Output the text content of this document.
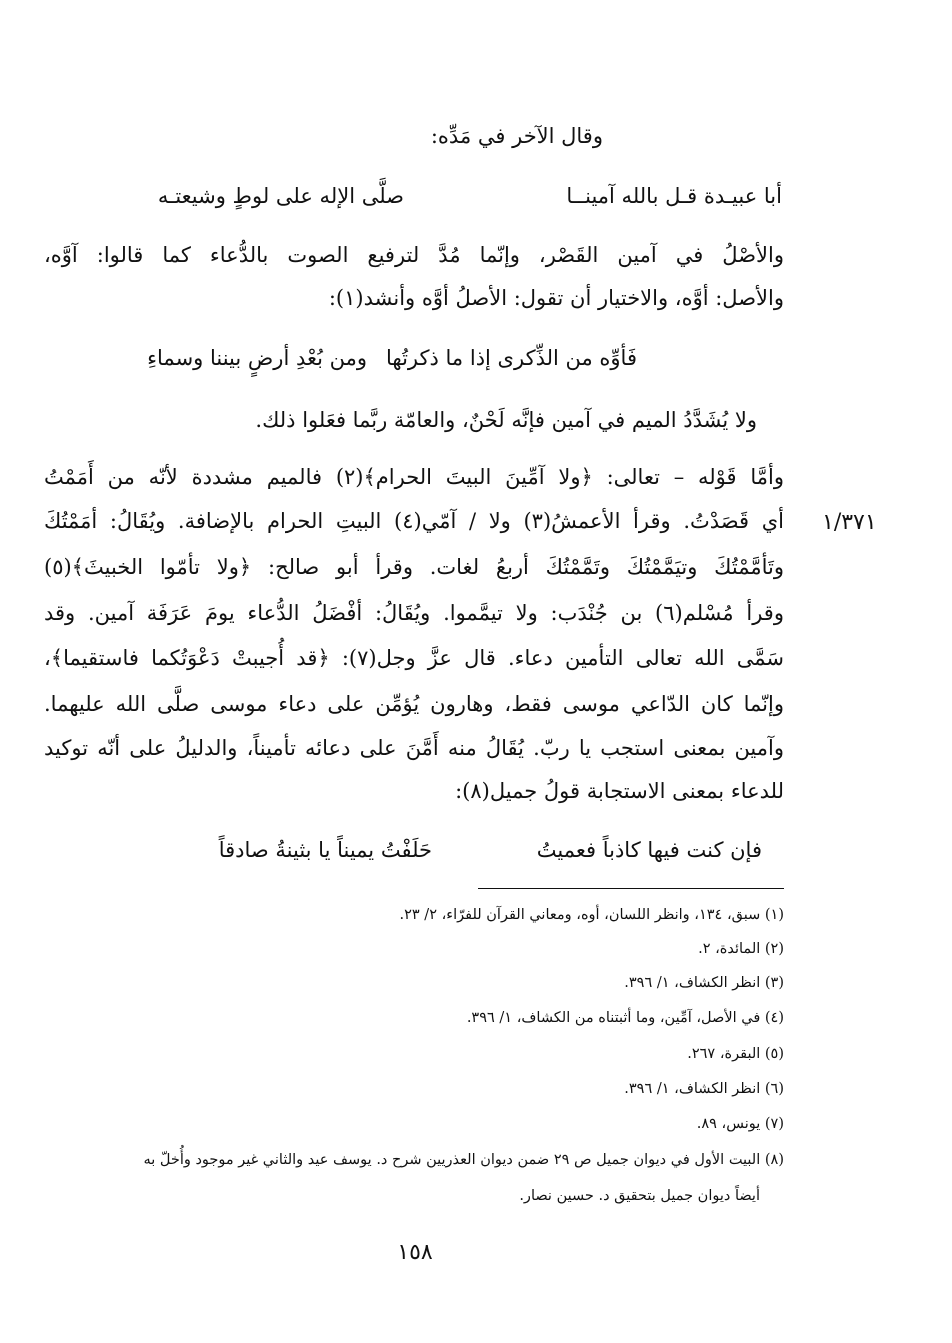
وقال الآخر في مَدِّه:
صلَّى الإله على لوطٍ وشيعتـه	أبا عبيـدة قـل بالله آمينــا
والأصْلُ في آمين القَصْر، وإنّما مُدَّ لترفيع الصوت بالدُّعاء كما قالوا: آوَّه،
والأصل: أوَّه، والاختيار أن تقول: الأصلُ أوَّه وأنشد(١):
فَأوِّه من الذِّكرى إذا ما ذكرتُها
ومن بُعْدِ أرضٍ بيننا وسماءِ
ولا يُشَدَّدُ الميم في آمين فإنَّه لَحْنٌ، والعامّة ربَّما فعَلوا ذلك.
وأمَّا قَوْله – تعالى: ﴿ولا آمِّينَ البيتَ الحرام﴾(٢) فالميم مشددة لأنّه من أَمَمْتُ
أي قَصَدْتُ. وقرأ الأعمشُ(٣) ولا / آمّي(٤) البيتِ الحرام بالإضافة. ويُقَالُ: أمَمْتُكَ
وتَأمَّمْتُكَ وتيَمَّمْتُكَ وتَمَّمْتُكَ أربعُ لغات. وقرأ أبو صالح: ﴿ولا تأمّوا الخبيثَ﴾(٥)
وقرأ مُسْلم(٦) بن جُنْدَب: ولا تيمَّموا. ويُقَالُ: أفْضَلُ الدُّعاء يومَ عَرَفَة آمين. وقد
سَمَّى الله تعالى التأمين دعاء. قال عزَّ وجل(٧): ﴿قد أُجيبتْ دَعْوَتُكما فاستقيما﴾،
وإنّما كان الدّاعي موسى فقط، وهارون يُؤمِّن على دعاء موسى صلَّى الله عليهما.
وآمين بمعنى استجب يا ربّ. يُقَالُ منه أَمَّنَ على دعائه تأميناً، والدليلُ على أنّه توكيد
للدعاء بمعنى الاستجابة قولُ جميل(٨):
حَلَفْتُ يميناً يا بثينةُ صادقاً	فإن كنت فيها كاذباً فعميتُ
١/٣٧١
(١) سبق، ١٣٤، وانظر اللسان، أوه، ومعاني القرآن للفرّاء، ٢/ ٢٣.
(٢) المائدة، ٢.
(٣) انظر الكشاف، ١/ ٣٩٦.
(٤) في الأصل، آمِّين، وما أثبتناه من الكشاف، ١/ ٣٩٦.
(٥) البقرة، ٢٦٧.
(٦) انظر الكشاف، ١/ ٣٩٦.
(٧) يونس، ٨٩.
(٨) البيت الأول في ديوان جميل ص ٢٩ ضمن ديوان العذريين شرح د. يوسف عيد والثاني غير موجود وأُخلّ به
أيضاً ديوان جميل بتحقيق د. حسين نصار.
١٥٨
